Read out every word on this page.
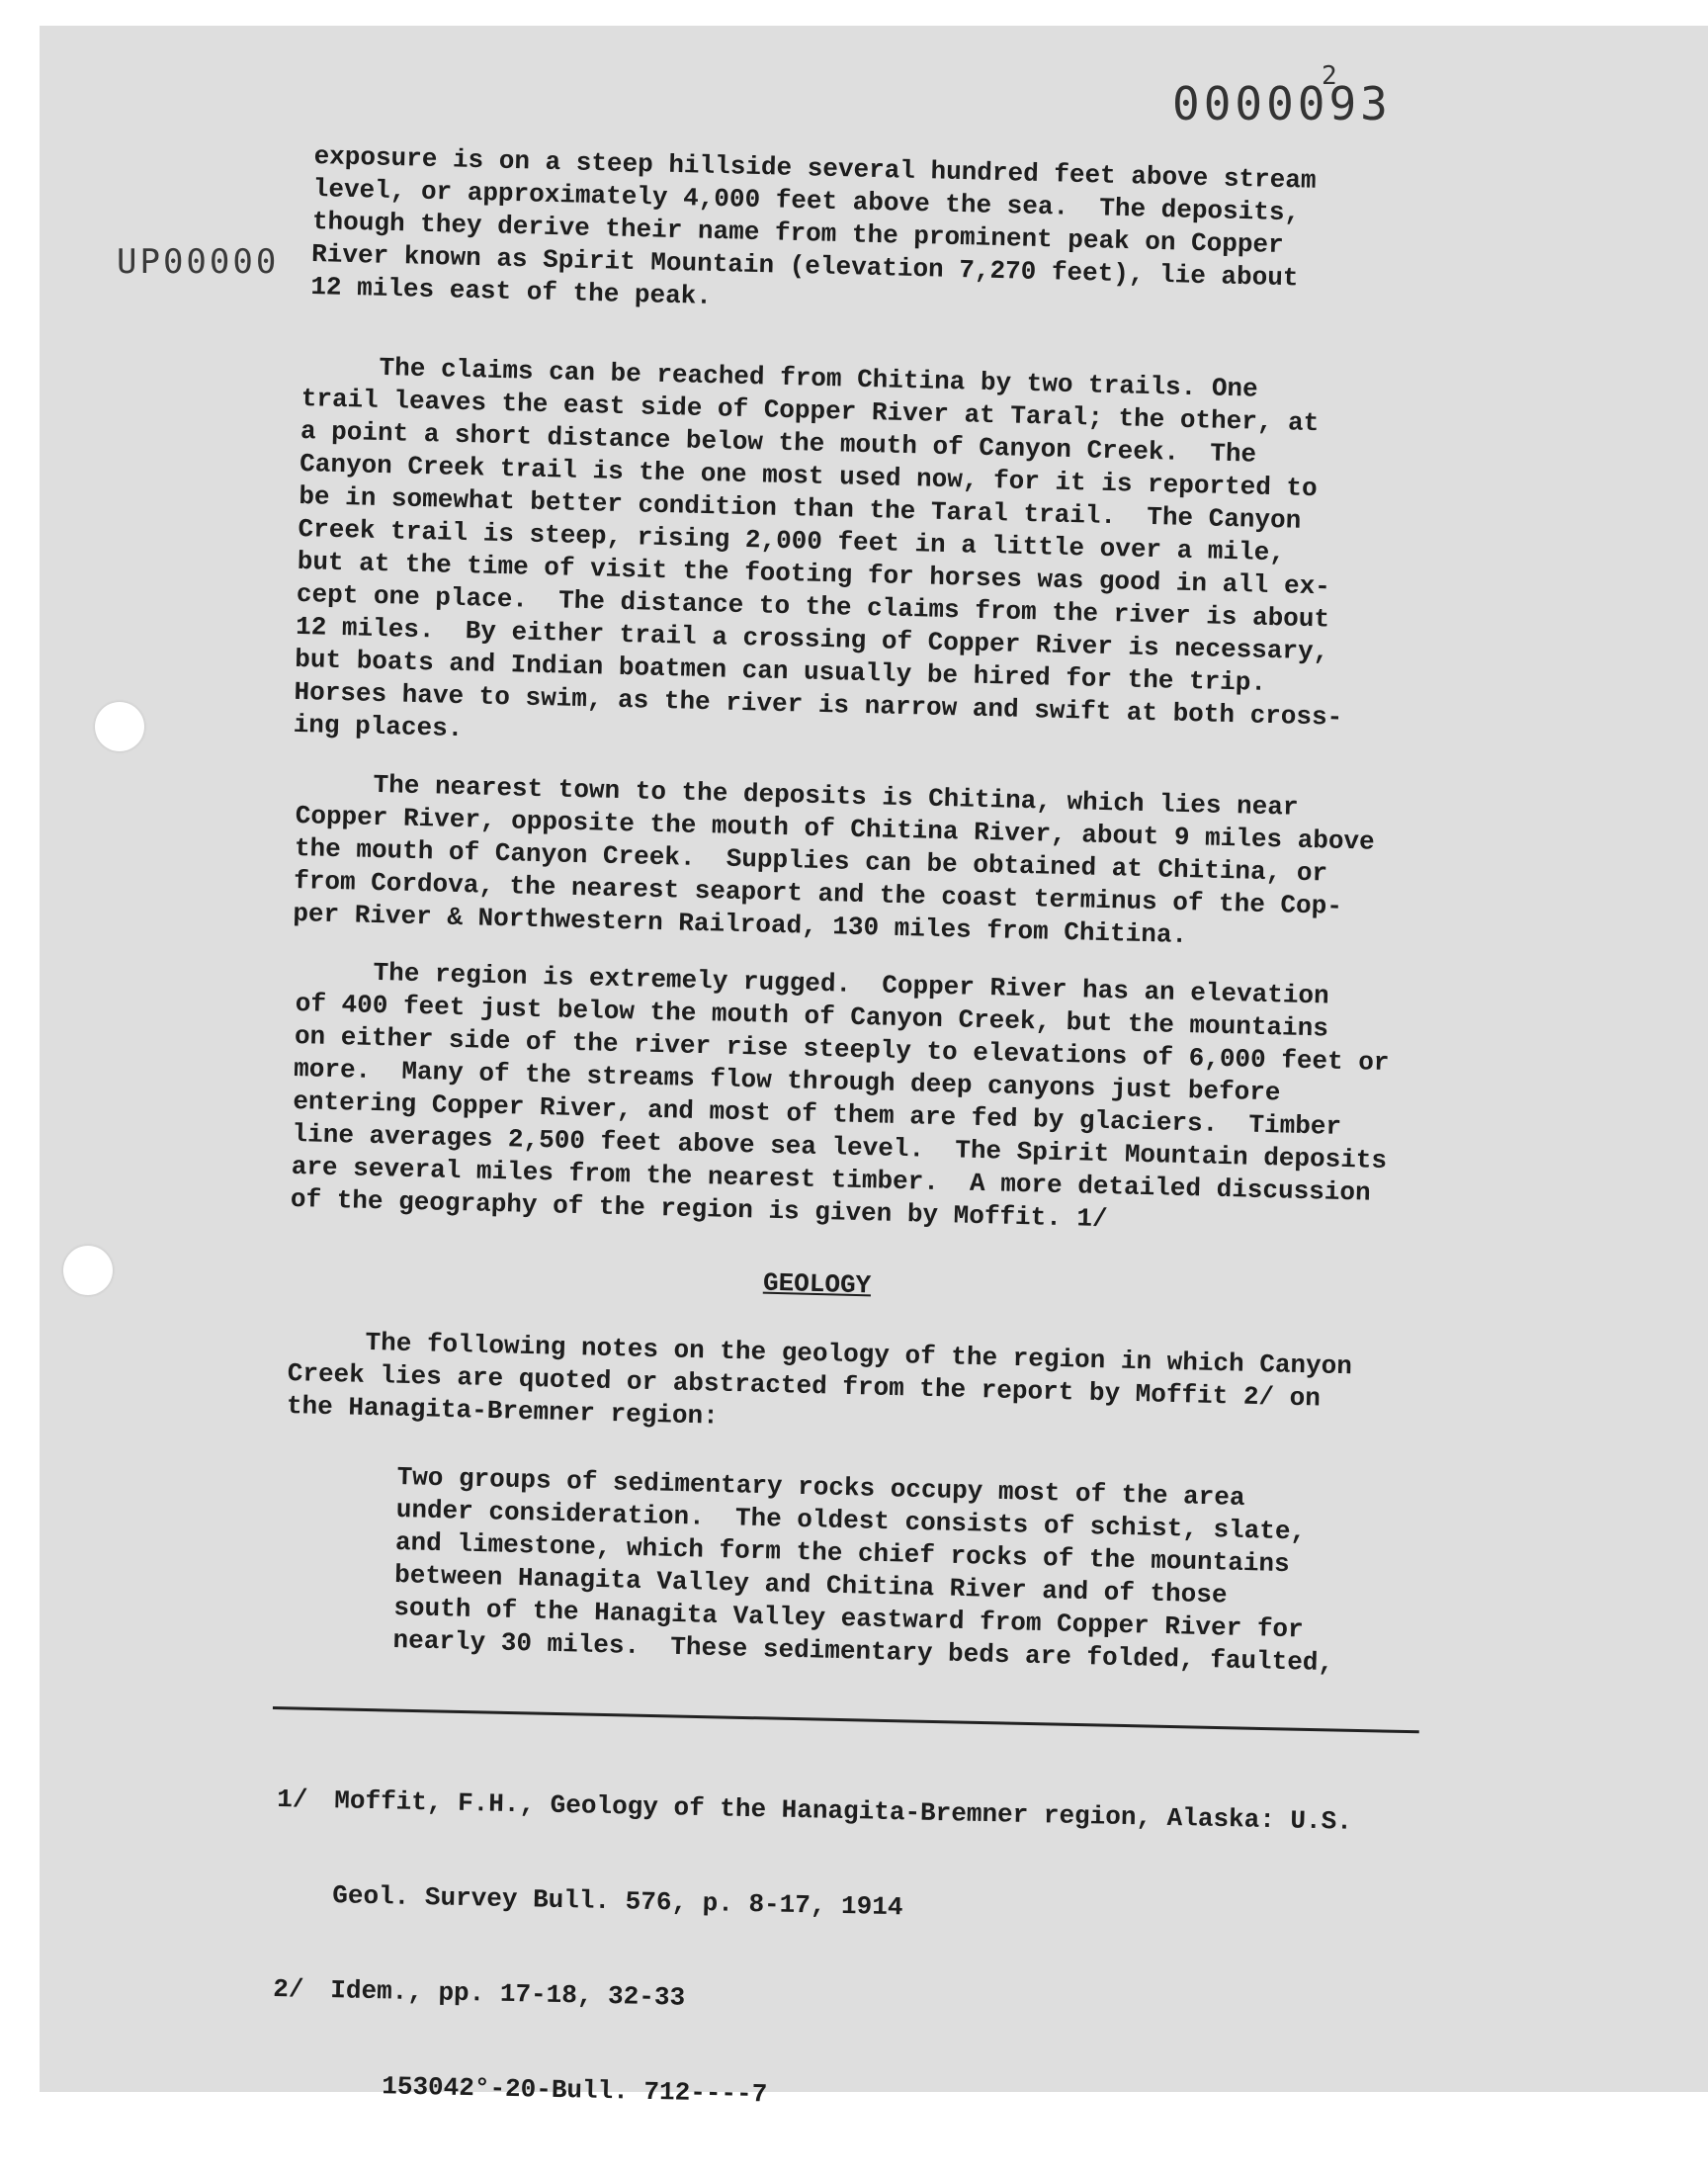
0000093
2
UP00000
exposure is on a steep hillside several hundred feet above stream
level, or approximately 4,000 feet above the sea.  The deposits,
though they derive their name from the prominent peak on Copper
River known as Spirit Mountain (elevation 7,270 feet), lie about
12 miles east of the peak.
The claims can be reached from Chitina by two trails. One
trail leaves the east side of Copper River at Taral; the other, at
a point a short distance below the mouth of Canyon Creek.  The
Canyon Creek trail is the one most used now, for it is reported to
be in somewhat better condition than the Taral trail.  The Canyon
Creek trail is steep, rising 2,000 feet in a little over a mile,
but at the time of visit the footing for horses was good in all ex-
cept one place.  The distance to the claims from the river is about
12 miles.  By either trail a crossing of Copper River is necessary,
but boats and Indian boatmen can usually be hired for the trip.
Horses have to swim, as the river is narrow and swift at both cross-
ing places.
The nearest town to the deposits is Chitina, which lies near
Copper River, opposite the mouth of Chitina River, about 9 miles above
the mouth of Canyon Creek.  Supplies can be obtained at Chitina, or
from Cordova, the nearest seaport and the coast terminus of the Cop-
per River & Northwestern Railroad, 130 miles from Chitina.
The region is extremely rugged.  Copper River has an elevation
of 400 feet just below the mouth of Canyon Creek, but the mountains
on either side of the river rise steeply to elevations of 6,000 feet or
more.  Many of the streams flow through deep canyons just before
entering Copper River, and most of them are fed by glaciers.  Timber
line averages 2,500 feet above sea level.  The Spirit Mountain deposits
are several miles from the nearest timber.  A more detailed discussion
of the geography of the region is given by Moffit. 1/
GEOLOGY
The following notes on the geology of the region in which Canyon
Creek lies are quoted or abstracted from the report by Moffit 2/ on
the Hanagita-Bremner region:
Two groups of sedimentary rocks occupy most of the area
under consideration.  The oldest consists of schist, slate,
and limestone, which form the chief rocks of the mountains
between Hanagita Valley and Chitina River and of those
south of the Hanagita Valley eastward from Copper River for
nearly 30 miles.  These sedimentary beds are folded, faulted,

1/ Moffit, F.H., Geology of the Hanagita-Bremner region, Alaska: U.S.

Geol. Survey Bull. 576, p. 8-17, 1914

2/ Idem., pp. 17-18, 32-33

153042°-20-Bull. 712----7
